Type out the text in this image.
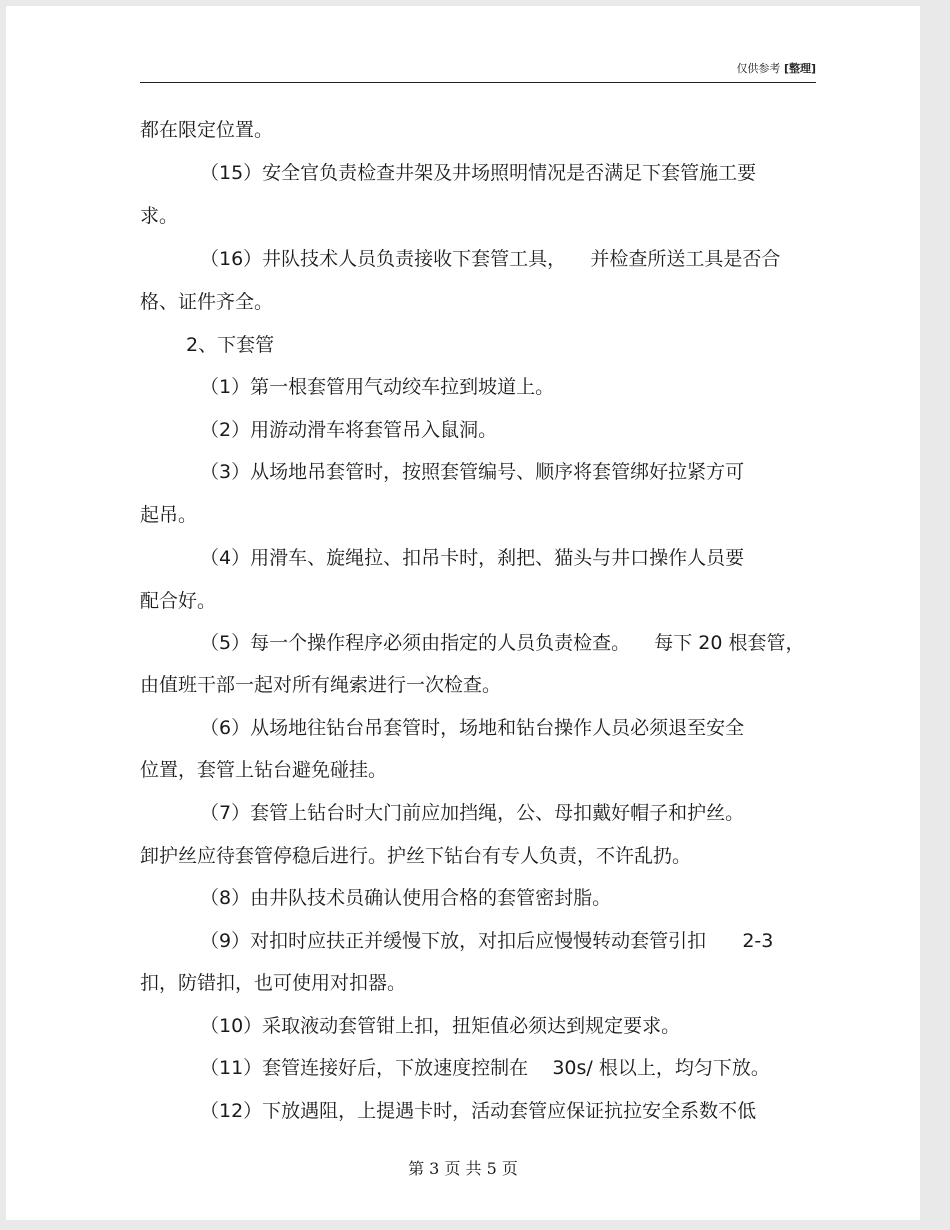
仅供参考 [整理]
都在限定位置。
（15）安全官负责检查井架及井场照明情况是否满足下套管施工要
求。
（16）井队技术人员负责接收下套管工具，    并检查所送工具是否合
格、证件齐全。
2、下套管
（1）第一根套管用气动绞车拉到坡道上。
（2）用游动滑车将套管吊入鼠洞。
（3）从场地吊套管时，按照套管编号、顺序将套管绑好拉紧方可
起吊。
（4）用滑车、旋绳拉、扣吊卡时，刹把、猫头与井口操作人员要
配合好。
（5）每一个操作程序必须由指定的人员负责检查。    每下 20 根套管，
由值班干部一起对所有绳索进行一次检查。
（6）从场地往钻台吊套管时，场地和钻台操作人员必须退至安全
位置，套管上钻台避免碰挂。
（7）套管上钻台时大门前应加挡绳，公、母扣戴好帽子和护丝。
卸护丝应待套管停稳后进行。护丝下钻台有专人负责，不许乱扔。
（8）由井队技术员确认使用合格的套管密封脂。
（9）对扣时应扶正并缓慢下放，对扣后应慢慢转动套管引扣      2-3
扣，防错扣，也可使用对扣器。
（10）采取液动套管钳上扣，扭矩值必须达到规定要求。
（11）套管连接好后，下放速度控制在    30s/ 根以上，均匀下放。
（12）下放遇阻，上提遇卡时，活动套管应保证抗拉安全系数不低
第 3 页 共 5 页
